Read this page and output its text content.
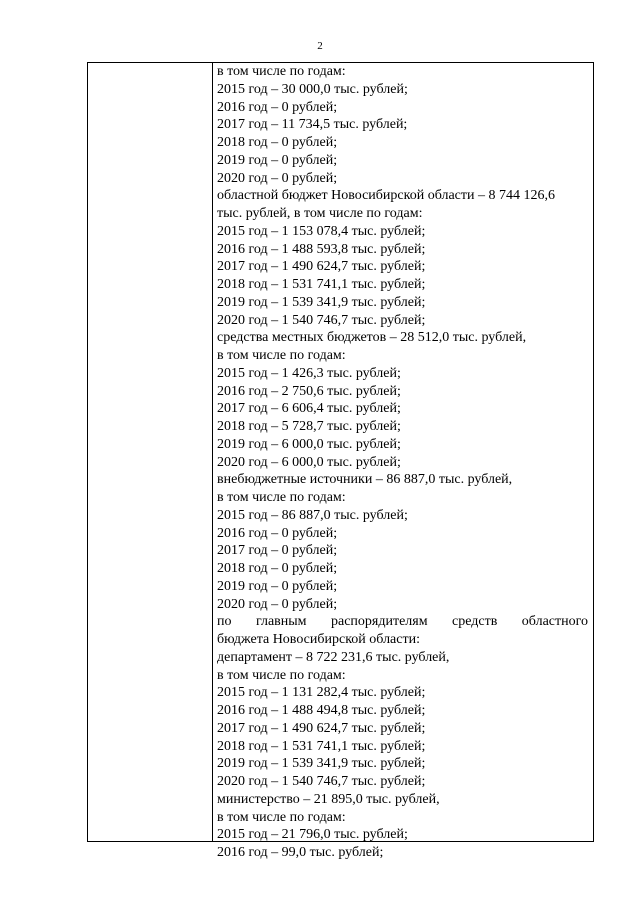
2
в том числе по годам:
2015 год – 30 000,0 тыс. рублей;
2016 год – 0 рублей;
2017 год – 11 734,5 тыс. рублей;
2018 год – 0 рублей;
2019 год – 0 рублей;
2020 год – 0 рублей;
областной бюджет Новосибирской области – 8 744 126,6
тыс. рублей, в том числе по годам:
2015 год – 1 153 078,4 тыс. рублей;
2016 год – 1 488 593,8 тыс. рублей;
2017 год – 1 490 624,7 тыс. рублей;
2018 год – 1 531 741,1 тыс. рублей;
2019 год – 1 539 341,9 тыс. рублей;
2020 год – 1 540 746,7 тыс. рублей;
средства местных бюджетов – 28 512,0 тыс. рублей,
в том числе по годам:
2015 год – 1 426,3 тыс. рублей;
2016 год – 2 750,6 тыс. рублей;
2017 год – 6 606,4 тыс. рублей;
2018 год – 5 728,7 тыс. рублей;
2019 год – 6 000,0 тыс. рублей;
2020 год – 6 000,0 тыс. рублей;
внебюджетные источники – 86 887,0 тыс. рублей,
в том числе по годам:
2015 год – 86 887,0 тыс. рублей;
2016 год – 0 рублей;
2017 год – 0 рублей;
2018 год – 0 рублей;
2019 год – 0 рублей;
2020 год – 0 рублей;
по главным распорядителям средств областного
бюджета Новосибирской области:
департамент – 8 722 231,6 тыс. рублей,
в том числе по годам:
2015 год – 1 131 282,4 тыс. рублей;
2016 год – 1 488 494,8 тыс. рублей;
2017 год – 1 490 624,7 тыс. рублей;
2018 год – 1 531 741,1 тыс. рублей;
2019 год – 1 539 341,9 тыс. рублей;
2020 год – 1 540 746,7 тыс. рублей;
министерство – 21 895,0 тыс. рублей,
в том числе по годам:
2015 год – 21 796,0 тыс. рублей;
2016 год – 99,0 тыс. рублей;
